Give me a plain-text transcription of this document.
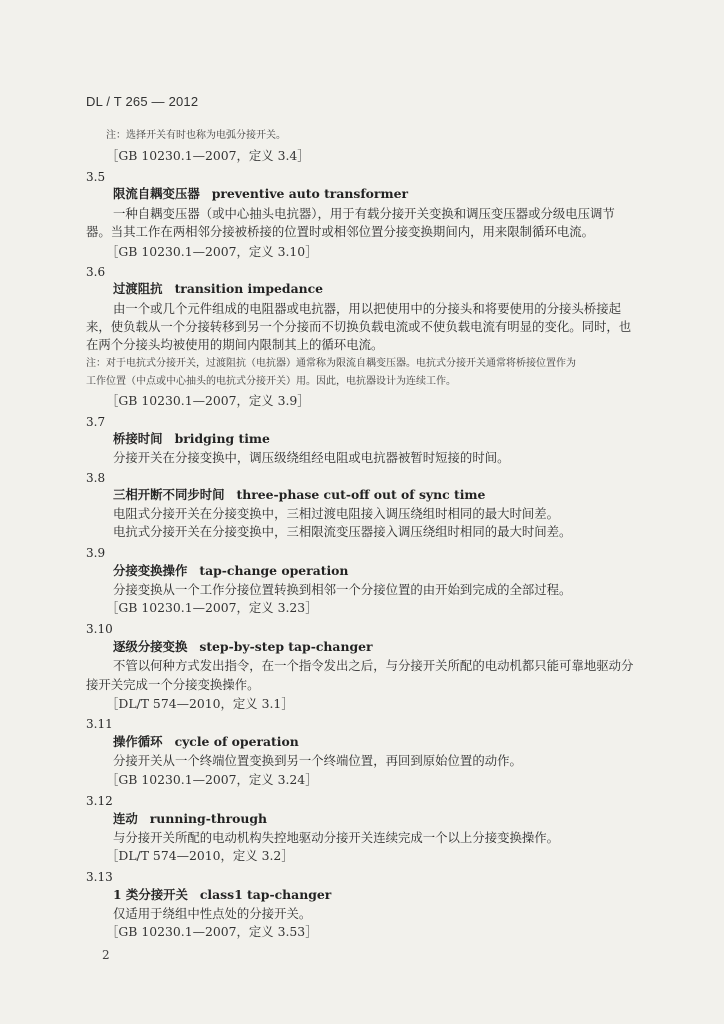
DL / T 265 — 2012
注：选择开关有时也称为电弧分接开关。
［GB 10230.1—2007，定义 3.4］
3.5
限流自耦变压器 preventive auto transformer
一种自耦变压器（或中心抽头电抗器），用于有载分接开关变换和调压变压器或分级电压调节
器。当其工作在两相邻分接被桥接的位置时或相邻位置分接变换期间内，用来限制循环电流。
［GB 10230.1—2007，定义 3.10］
3.6
过渡阻抗 transition impedance
由一个或几个元件组成的电阻器或电抗器，用以把使用中的分接头和将要使用的分接头桥接起
来，使负载从一个分接转移到另一个分接而不切换负载电流或不使负载电流有明显的变化。同时，也
在两个分接头均被使用的期间内限制其上的循环电流。
注：对于电抗式分接开关，过渡阻抗（电抗器）通常称为限流自耦变压器。电抗式分接开关通常将桥接位置作为
工作位置（中点或中心抽头的电抗式分接开关）用。因此，电抗器设计为连续工作。
［GB 10230.1—2007，定义 3.9］
3.7
桥接时间 bridging time
分接开关在分接变换中，调压级绕组经电阻或电抗器被暂时短接的时间。
3.8
三相开断不同步时间 three-phase cut-off out of sync time
电阻式分接开关在分接变换中，三相过渡电阻接入调压绕组时相同的最大时间差。
电抗式分接开关在分接变换中，三相限流变压器接入调压绕组时相同的最大时间差。
3.9
分接变换操作 tap-change operation
分接变换从一个工作分接位置转换到相邻一个分接位置的由开始到完成的全部过程。
［GB 10230.1—2007，定义 3.23］
3.10
逐级分接变换 step-by-step tap-changer
不管以何种方式发出指令，在一个指令发出之后，与分接开关所配的电动机都只能可靠地驱动分
接开关完成一个分接变换操作。
［DL/T 574—2010，定义 3.1］
3.11
操作循环 cycle of operation
分接开关从一个终端位置变换到另一个终端位置，再回到原始位置的动作。
［GB 10230.1—2007，定义 3.24］
3.12
连动 running-through
与分接开关所配的电动机构失控地驱动分接开关连续完成一个以上分接变换操作。
［DL/T 574—2010，定义 3.2］
3.13
1 类分接开关 class1 tap-changer
仅适用于绕组中性点处的分接开关。
［GB 10230.1—2007，定义 3.53］
2
